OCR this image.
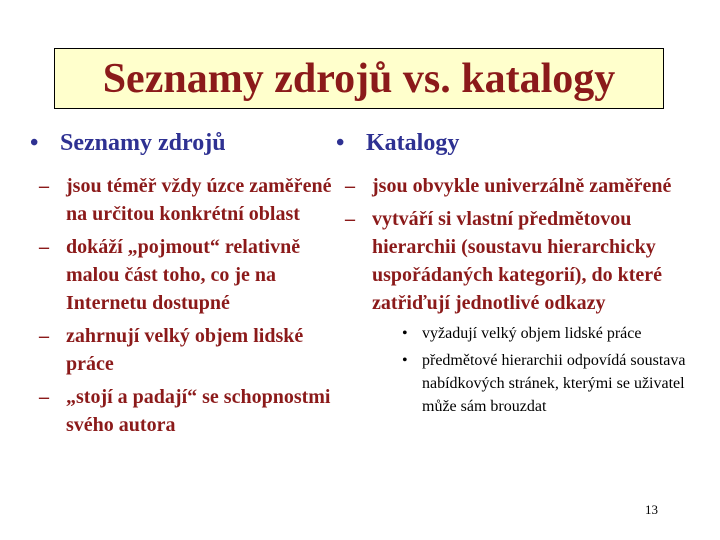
Seznamy zdrojů vs. katalogy
• Seznamy zdrojů
– jsou téměř vždy úzce zaměřené na určitou konkrétní oblast
– dokáží „pojmout“ relativně malou část toho, co je na Internetu dostupné
– zahrnují velký objem lidské práce
– „stojí a padají“ se schopnostmi svého autora
• Katalogy
– jsou obvykle univerzálně zaměřené
– vytváří si vlastní předmětovou hierarchii (soustavu hierarchicky uspořádaných kategorií), do které zatřiďují jednotlivé odkazy
• vyžadují velký objem lidské práce
• předmětové hierarchii odpovídá soustava nabídkových stránek, kterými se uživatel může sám brouzdat
13
